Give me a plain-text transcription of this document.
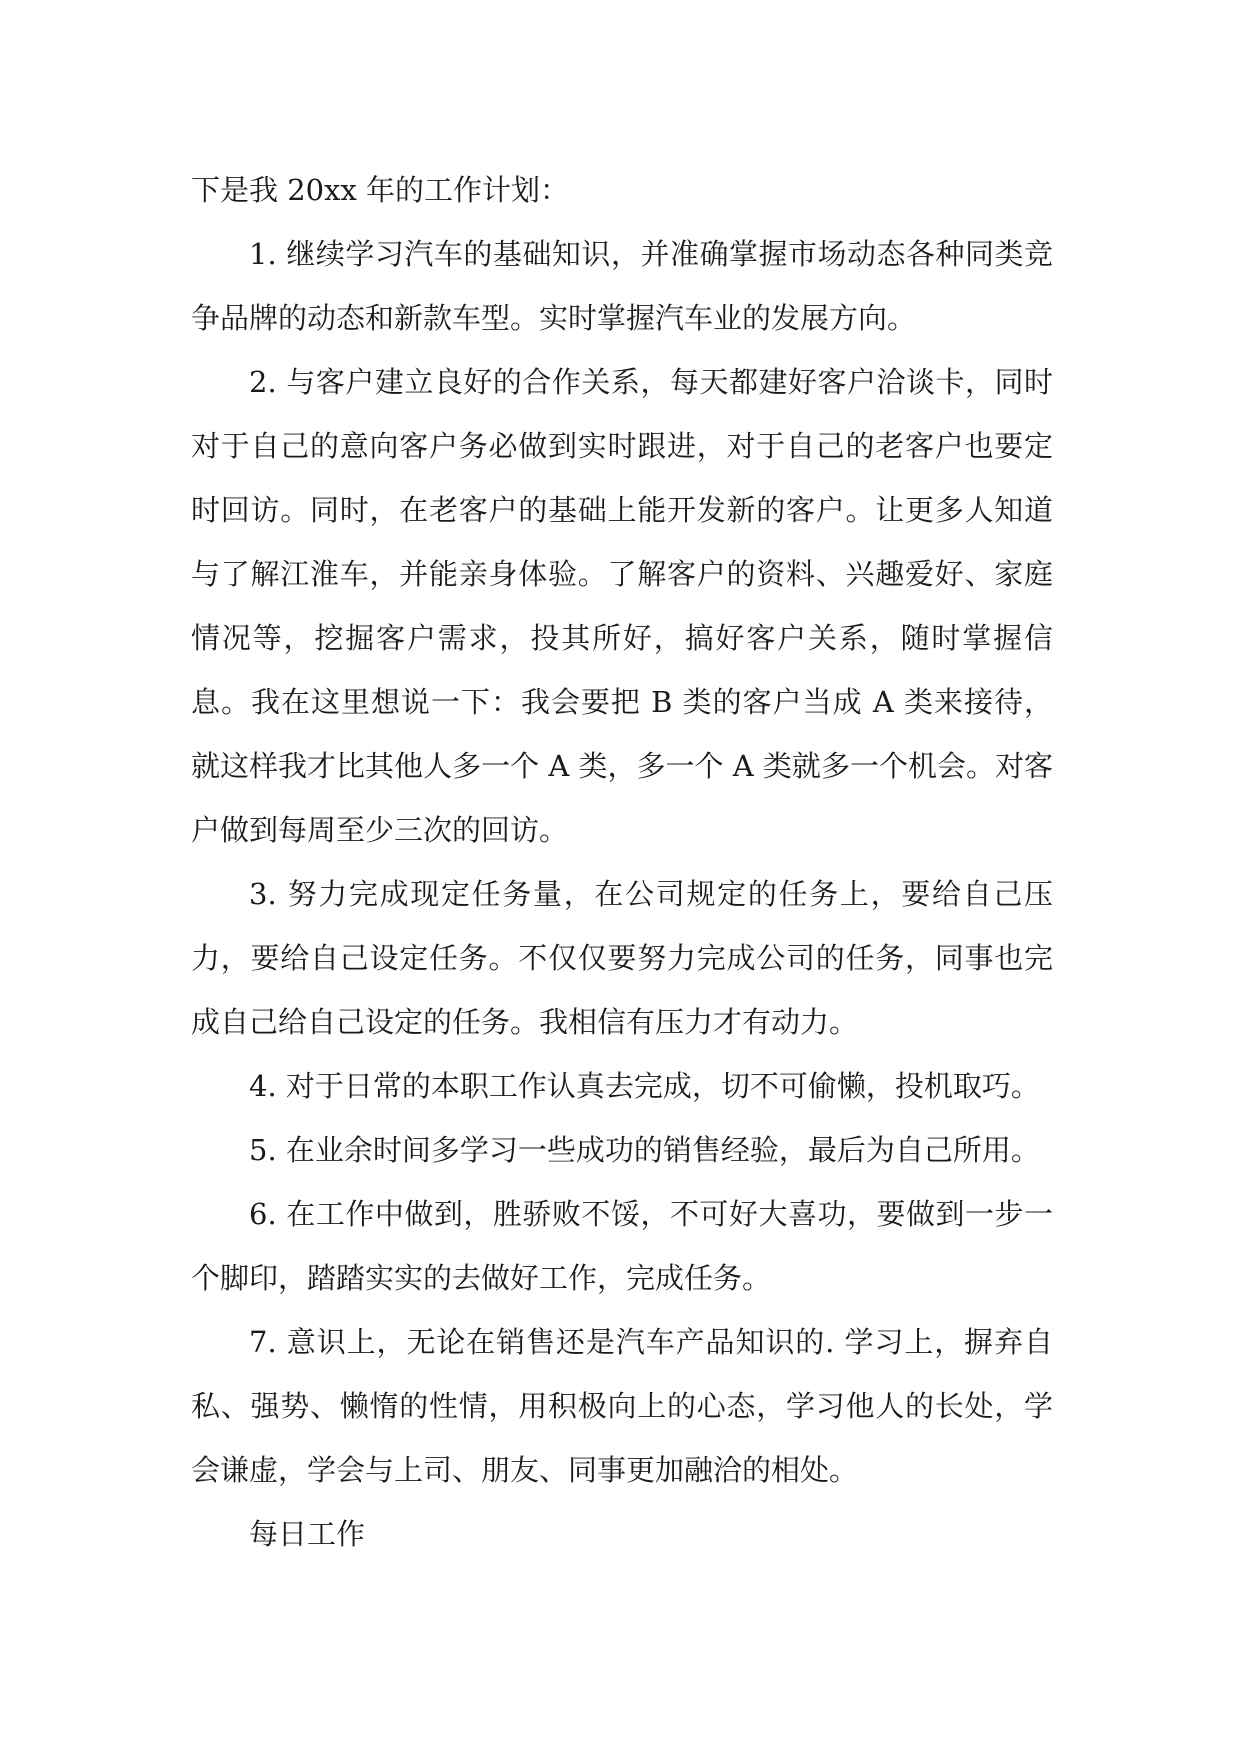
下是我 20xx 年的工作计划：

1. 继续学习汽车的基础知识，并准确掌握市场动态各种同类竞争品牌的动态和新款车型。实时掌握汽车业的发展方向。

2. 与客户建立良好的合作关系，每天都建好客户洽谈卡，同时对于自己的意向客户务必做到实时跟进，对于自己的老客户也要定时回访。同时，在老客户的基础上能开发新的客户。让更多人知道与了解江淮车，并能亲身体验。了解客户的资料、兴趣爱好、家庭情况等，挖掘客户需求，投其所好，搞好客户关系，随时掌握信息。我在这里想说一下：我会要把 B 类的客户当成 A 类来接待，就这样我才比其他人多一个 A 类，多一个 A 类就多一个机会。对客户做到每周至少三次的回访。

3. 努力完成现定任务量，在公司规定的任务上，要给自己压力，要给自己设定任务。不仅仅要努力完成公司的任务，同事也完成自己给自己设定的任务。我相信有压力才有动力。

4. 对于日常的本职工作认真去完成，切不可偷懒，投机取巧。

5. 在业余时间多学习一些成功的销售经验，最后为自己所用。

6. 在工作中做到，胜骄败不馁，不可好大喜功，要做到一步一个脚印，踏踏实实的去做好工作，完成任务。

7. 意识上，无论在销售还是汽车产品知识的. 学习上，摒弃自私、强势、懒惰的性情，用积极向上的心态，学习他人的长处，学会谦虚，学会与上司、朋友、同事更加融洽的相处。

每日工作
